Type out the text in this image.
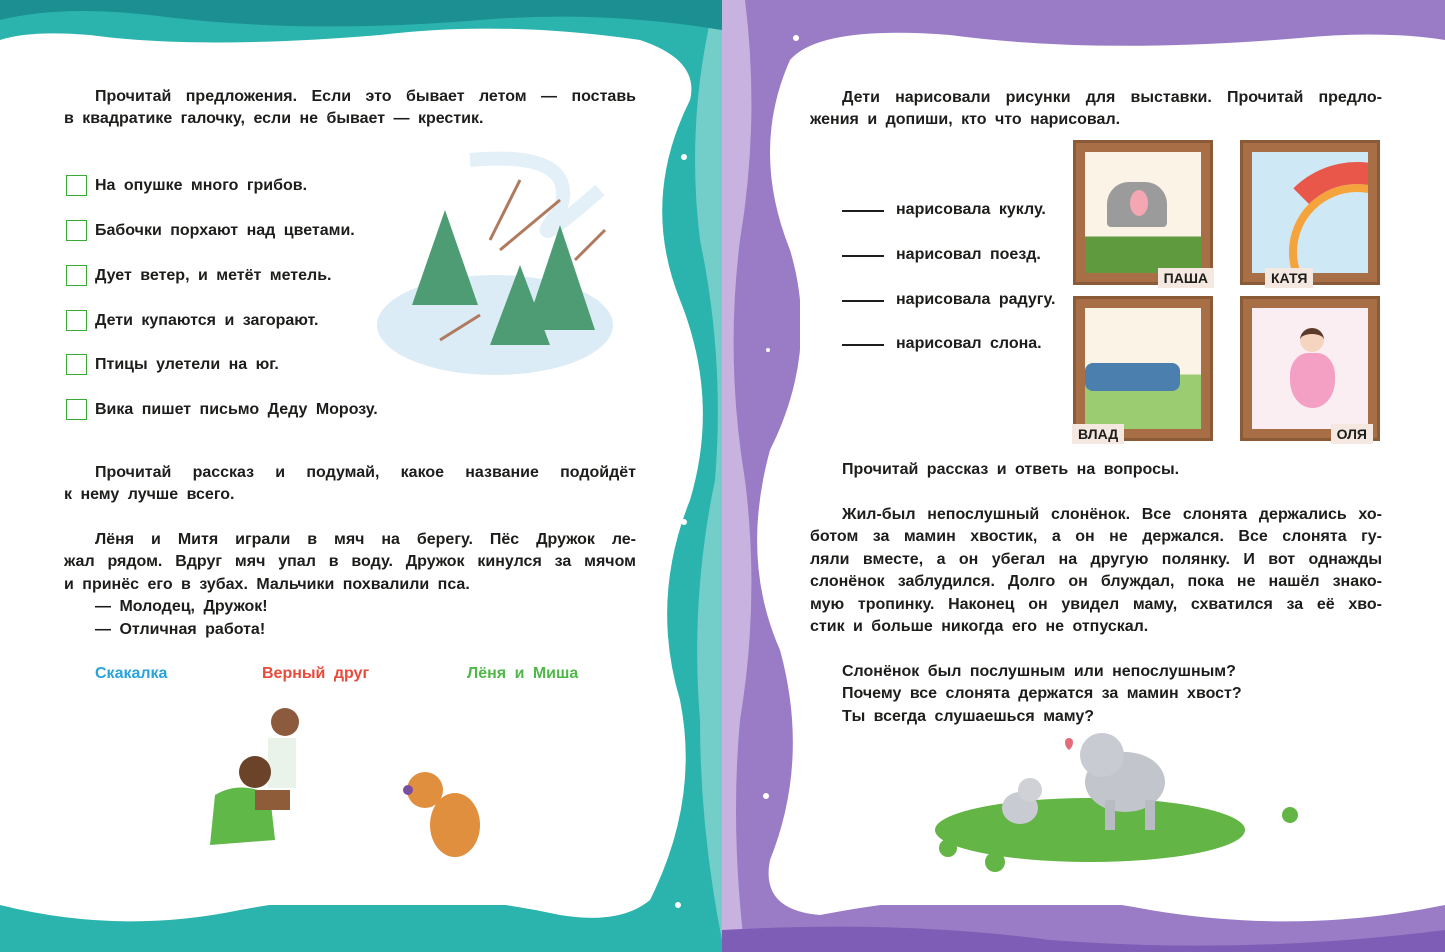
Прочитай предложения. Если это бывает летом — поставь
в квадратике галочку, если не бывает — крестик.
На опушке много грибов.
Бабочки порхают над цветами.
Дует ветер, и метёт метель.
Дети купаются и загорают.
Птицы улетели на юг.
Вика пишет письмо Деду Морозу.
Прочитай рассказ и подумай, какое название подойдёт
к нему лучше всего.
Лёня и Митя играли в мяч на берегу. Пёс Дружок ле-
жал рядом. Вдруг мяч упал в воду. Дружок кинулся за мячом
и принёс его в зубах. Мальчики похвалили пса.
— Молодец, Дружок!
— Отличная работа!
Скакалка	Верный друг	Лёня и Миша
Дети нарисовали рисунки для выставки. Прочитай предло-
жения и допиши, кто что нарисовал.
нарисовала куклу.
нарисовал поезд.
нарисовала радугу.
нарисовал слона.
ПАША	КАТЯ
ВЛАД	ОЛЯ
Прочитай рассказ и ответь на вопросы.
Жил-был непослушный слонёнок. Все слонята держались хо-
ботом за мамин хвостик, а он не держался. Все слонята гу-
ляли вместе, а он убегал на другую полянку. И вот однажды
слонёнок заблудился. Долго он блуждал, пока не нашёл знако-
мую тропинку. Наконец он увидел маму, схватился за её хво-
стик и больше никогда его не отпускал.
Слонёнок был послушным или непослушным?
Почему все слонята держатся за мамин хвост?
Ты всегда слушаешься маму?
